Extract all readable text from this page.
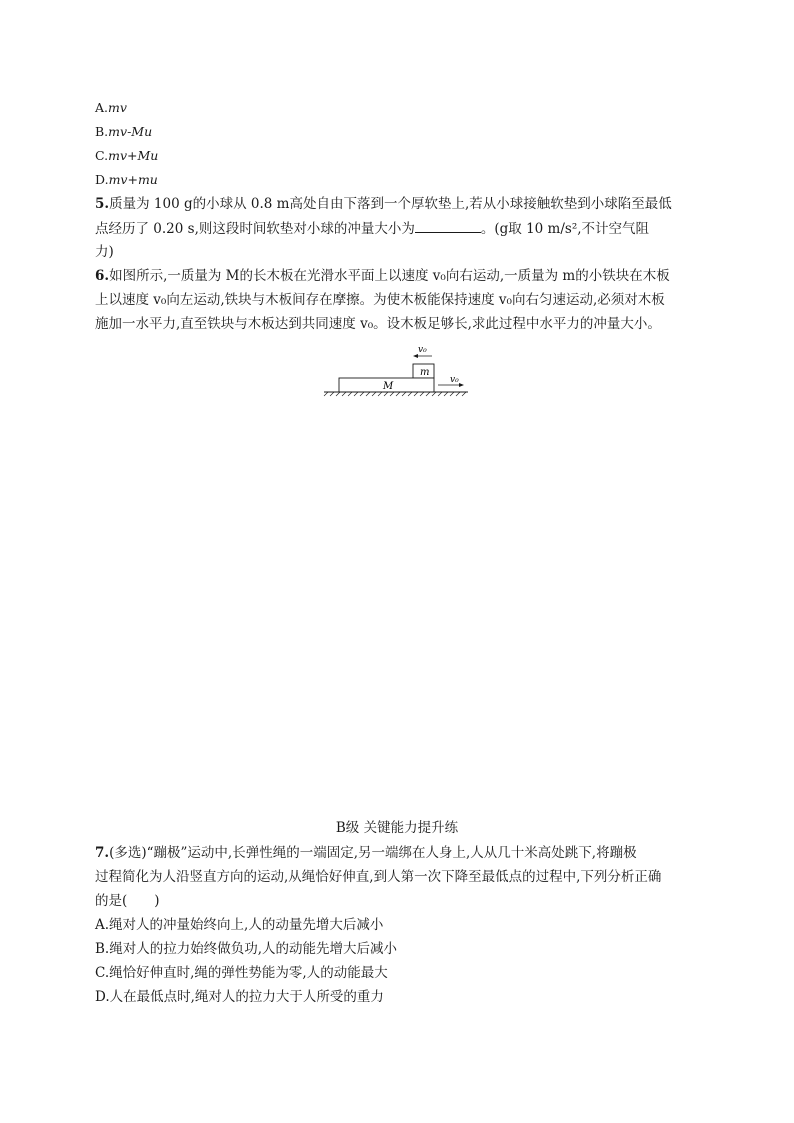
A.mv
B.mv-Mu
C.mv+Mu
D.mv+mu
5.质量为 100 g的小球从 0.8 m高处自由下落到一个厚软垫上,若从小球接触软垫到小球陷至最低
点经历了 0.20 s,则这段时间软垫对小球的冲量大小为	。(g取 10 m/s²,不计空气阻
力)
6.如图所示,一质量为 M的长木板在光滑水平面上以速度 v₀向右运动,一质量为 m的小铁块在木板
上以速度 v₀向左运动,铁块与木板间存在摩擦。为使木板能保持速度 v₀向右匀速运动,必须对木板
施加一水平力,直至铁块与木板达到共同速度 v₀。设木板足够长,求此过程中水平力的冲量大小。
v₀
m
M
v₀
B级 关键能力提升练
7.(多选)“蹦极”运动中,长弹性绳的一端固定,另一端绑在人身上,人从几十米高处跳下,将蹦极
过程简化为人沿竖直方向的运动,从绳恰好伸直,到人第一次下降至最低点的过程中,下列分析正确
的是(　　)
A.绳对人的冲量始终向上,人的动量先增大后减小
B.绳对人的拉力始终做负功,人的动能先增大后减小
C.绳恰好伸直时,绳的弹性势能为零,人的动能最大
D.人在最低点时,绳对人的拉力大于人所受的重力
